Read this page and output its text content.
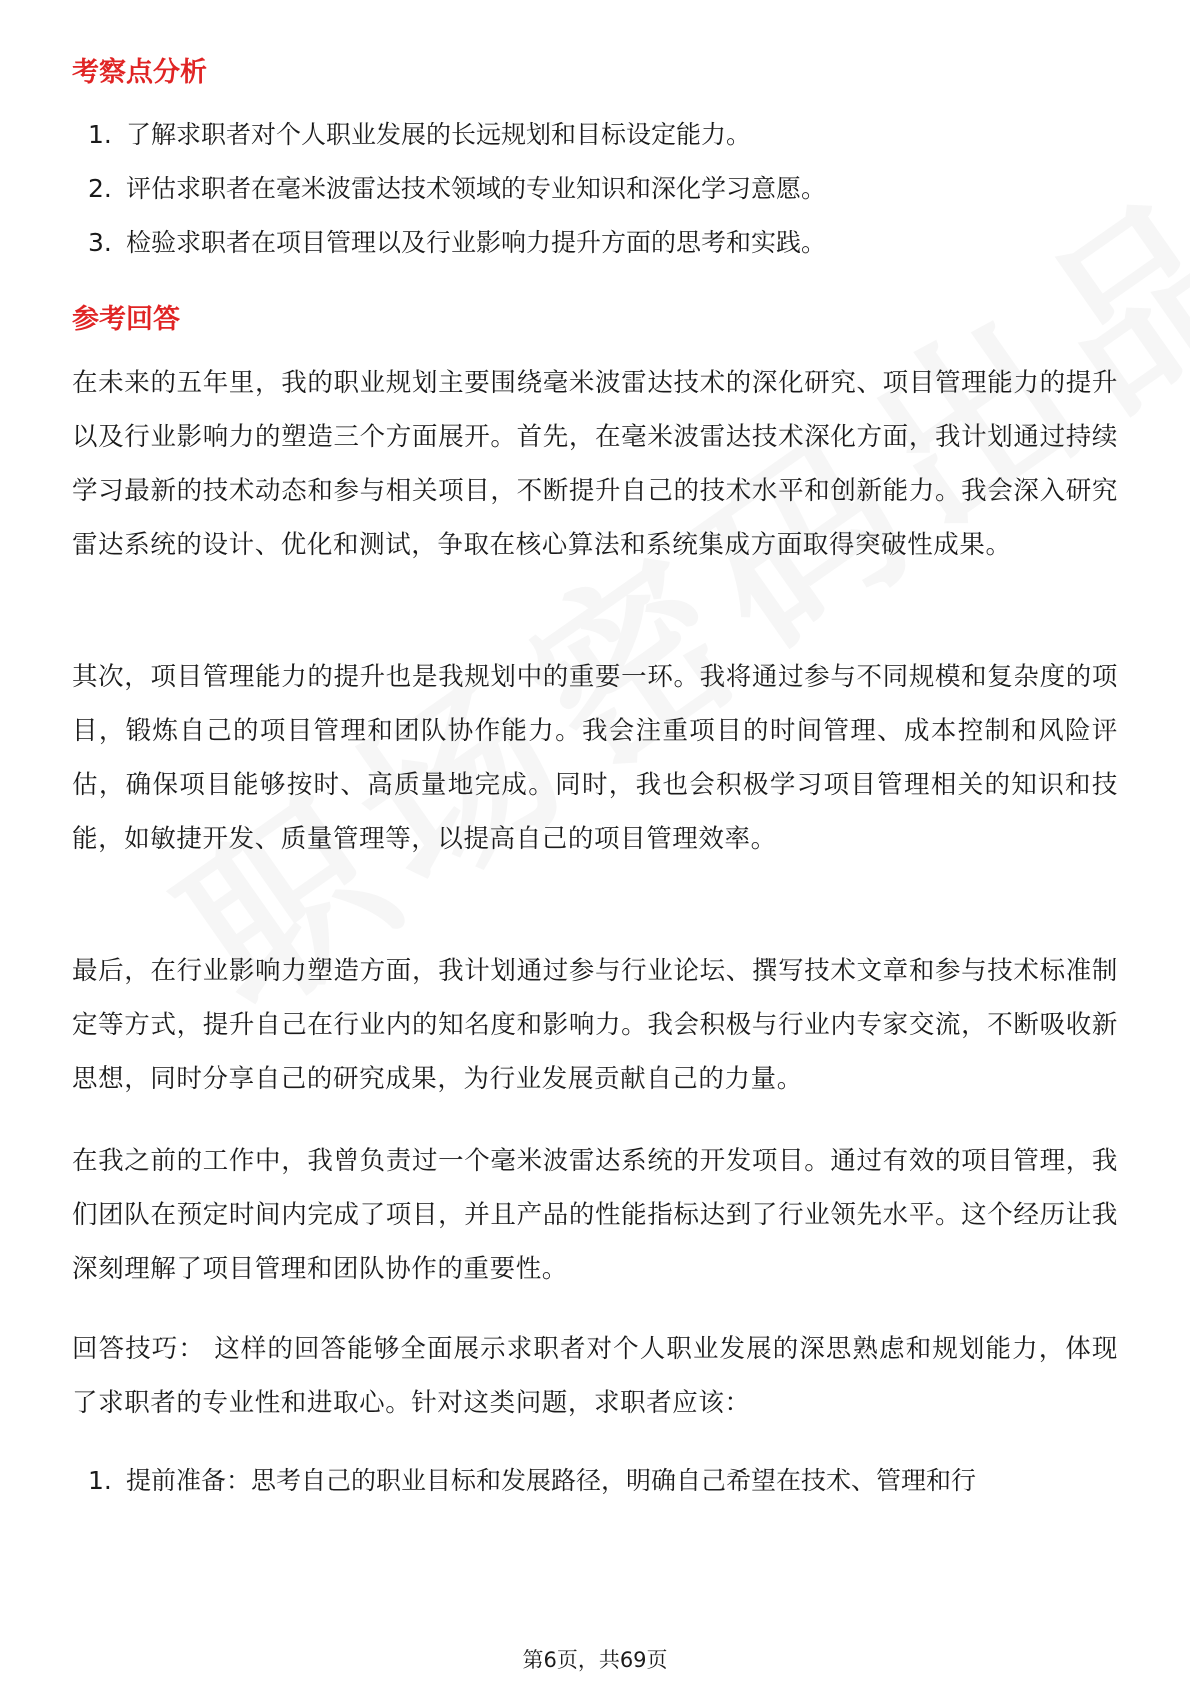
考察点分析
1. 了解求职者对个人职业发展的长远规划和目标设定能力。
2. 评估求职者在毫米波雷达技术领域的专业知识和深化学习意愿。
3. 检验求职者在项目管理以及行业影响力提升方面的思考和实践。
参考回答
在未来的五年里，我的职业规划主要围绕毫米波雷达技术的深化研究、项目管理能力的提升以及行业影响力的塑造三个方面展开。首先，在毫米波雷达技术深化方面，我计划通过持续学习最新的技术动态和参与相关项目，不断提升自己的技术水平和创新能力。我会深入研究雷达系统的设计、优化和测试，争取在核心算法和系统集成方面取得突破性成果。
其次，项目管理能力的提升也是我规划中的重要一环。我将通过参与不同规模和复杂度的项目，锻炼自己的项目管理和团队协作能力。我会注重项目的时间管理、成本控制和风险评估，确保项目能够按时、高质量地完成。同时，我也会积极学习项目管理相关的知识和技能，如敏捷开发、质量管理等，以提高自己的项目管理效率。
最后，在行业影响力塑造方面，我计划通过参与行业论坛、撰写技术文章和参与技术标准制定等方式，提升自己在行业内的知名度和影响力。我会积极与行业内专家交流，不断吸收新思想，同时分享自己的研究成果，为行业发展贡献自己的力量。
在我之前的工作中，我曾负责过一个毫米波雷达系统的开发项目。通过有效的项目管理，我们团队在预定时间内完成了项目，并且产品的性能指标达到了行业领先水平。这个经历让我深刻理解了项目管理和团队协作的重要性。
回答技巧： 这样的回答能够全面展示求职者对个人职业发展的深思熟虑和规划能力，体现了求职者的专业性和进取心。针对这类问题，求职者应该：
1. 提前准备：思考自己的职业目标和发展路径，明确自己希望在技术、管理和行
第6页，共69页
